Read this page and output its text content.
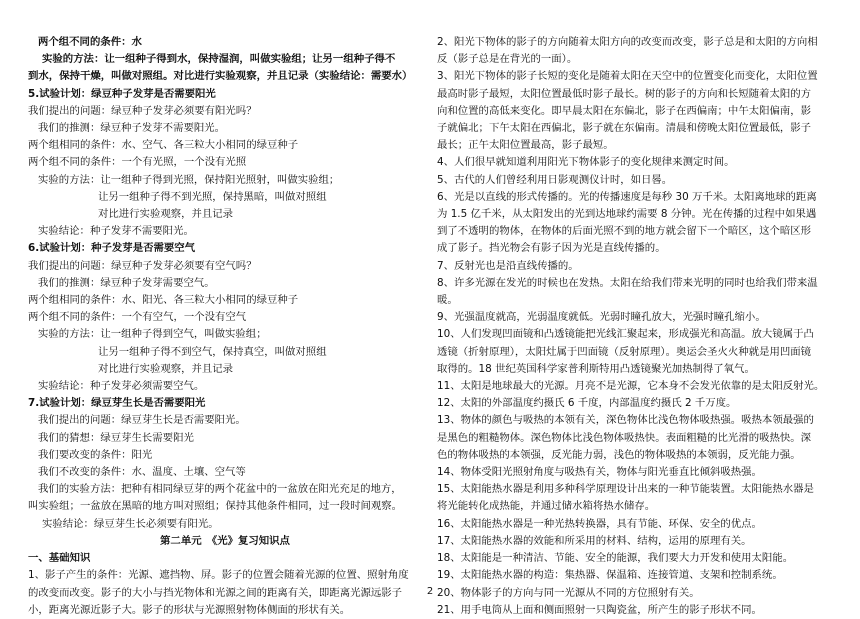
两个组不同的条件：水
实验的方法：让一组种子得到水，保持湿润，叫做实验组；让另一组种子得不
到水，保持干燥，叫做对照组。对比进行实验观察，并且记录（实验结论：需要水）
5.试验计划：绿豆种子发芽是否需要阳光
我们提出的问题：绿豆种子发芽必须要有阳光吗？
我们的推测：绿豆种子发芽不需要阳光。
两个组相同的条件：水、空气、各三粒大小相同的绿豆种子
两个组不同的条件：一个有光照，一个没有光照
实验的方法：让一组种子得到光照，保持阳光照射，叫做实验组；
让另一组种子得不到光照，保持黑暗，叫做对照组
对比进行实验观察，并且记录
实验结论：种子发芽不需要阳光。
6.试验计划：种子发芽是否需要空气
我们提出的问题：绿豆种子发芽必须要有空气吗？
我们的推测：绿豆种子发芽需要空气。
两个组相同的条件：水、阳光、各三粒大小相同的绿豆种子
两个组不同的条件：一个有空气，一个没有空气
实验的方法：让一组种子得到空气，叫做实验组；
让另一组种子得不到空气，保持真空，叫做对照组
对比进行实验观察，并且记录
实验结论：种子发芽必须需要空气。
7.试验计划：绿豆芽生长是否需要阳光
我们提出的问题：绿豆芽生长是否需要阳光。
我们的猜想：绿豆芽生长需要阳光
我们要改变的条件：阳光
我们不改变的条件：水、温度、土壤、空气等
我们的实验方法：把种有相同绿豆芽的两个花盆中的一盆放在阳光充足的地方，
叫实验组；一盆放在黑暗的地方叫对照组；保持其他条件相同，过一段时间观察。
实验结论：绿豆芽生长必须要有阳光。
第二单元　《光》复习知识点
一、基础知识
1、影子产生的条件：光源、遮挡物、屏。影子的位置会随着光源的位置、照射角度
的改变而改变。影子的大小与挡光物体和光源之间的距离有关，即距离光源远影子
小，距离光源近影子大。影子的形状与光源照射物体侧面的形状有关。
2、阳光下物体的影子的方向随着太阳方向的改变而改变，影子总是和太阳的方向相
反（影子总是在背光的一面）。
3、阳光下物体的影子长短的变化是随着太阳在天空中的位置变化而变化，太阳位置
最高时影子最短，太阳位置最低时影子最长。树的影子的方向和长短随着太阳的方
向和位置的高低来变化。即早晨太阳在东偏北，影子在西偏南；中午太阳偏南，影
子就偏北；下午太阳在西偏北，影子就在东偏南。清晨和傍晚太阳位置最低，影子
最长；正午太阳位置最高，影子最短。
4、人们很早就知道利用阳光下物体影子的变化规律来测定时间。
5、古代的人们曾经利用日影观测仪计时，如日晷。
6、光是以直线的形式传播的。光的传播速度是每秒 30 万千米。太阳离地球的距离
为 1.5 亿千米，从太阳发出的光到达地球约需要 8 分钟。光在传播的过程中如果遇
到了不透明的物体，在物体的后面光照不到的地方就会留下一个暗区，这个暗区形
成了影子。挡光物会有影子因为光是直线传播的。
7、反射光也是沿直线传播的。
8、许多光源在发光的时候也在发热。太阳在给我们带来光明的同时也给我们带来温
暖。
9、光强温度就高，光弱温度就低。光弱时瞳孔放大，光强时瞳孔缩小。
10、人们发现凹面镜和凸透镜能把光线汇聚起来，形成强光和高温。放大镜属于凸
透镜（折射原理），太阳灶属于凹面镜（反射原理）。奥运会圣火火种就是用凹面镜
取得的。18 世纪英国科学家普利斯特用凸透镜聚光加热制得了氧气。
11、太阳是地球最大的光源。月亮不是光源，它本身不会发光依靠的是太阳反射光。
12、太阳的外部温度约摄氏 6 千度，内部温度约摄氏 2 千万度。
13、物体的颜色与吸热的本领有关，深色物体比浅色物体吸热强。吸热本领最强的
是黑色的粗糙物体。深色物体比浅色物体吸热快。表面粗糙的比光滑的吸热快。深
色的物体吸热的本领强，反光能力弱，浅色的物体吸热的本领弱，反光能力强。
14、物体受阳光照射角度与吸热有关，物体与阳光垂直比倾斜吸热强。
15、太阳能热水器是利用多种科学原理设计出来的一种节能装置。太阳能热水器是
将光能转化成热能，并通过储水箱将热水储存。
16、太阳能热水器是一种光热转换器，具有节能、环保、安全的优点。
17、太阳能热水器的效能和所采用的材料、结构，运用的原理有关。
18、太阳能是一种清洁、节能、安全的能源，我们要大力开发和使用太阳能。
19、太阳能热水器的构造：集热器、保温箱、连接管道、支架和控制系统。
20、物体影子的方向与同一光源从不同的方位照射有关。
21、用手电筒从上面和侧面照射一只陶瓷盆，所产生的影子形状不同。
2
